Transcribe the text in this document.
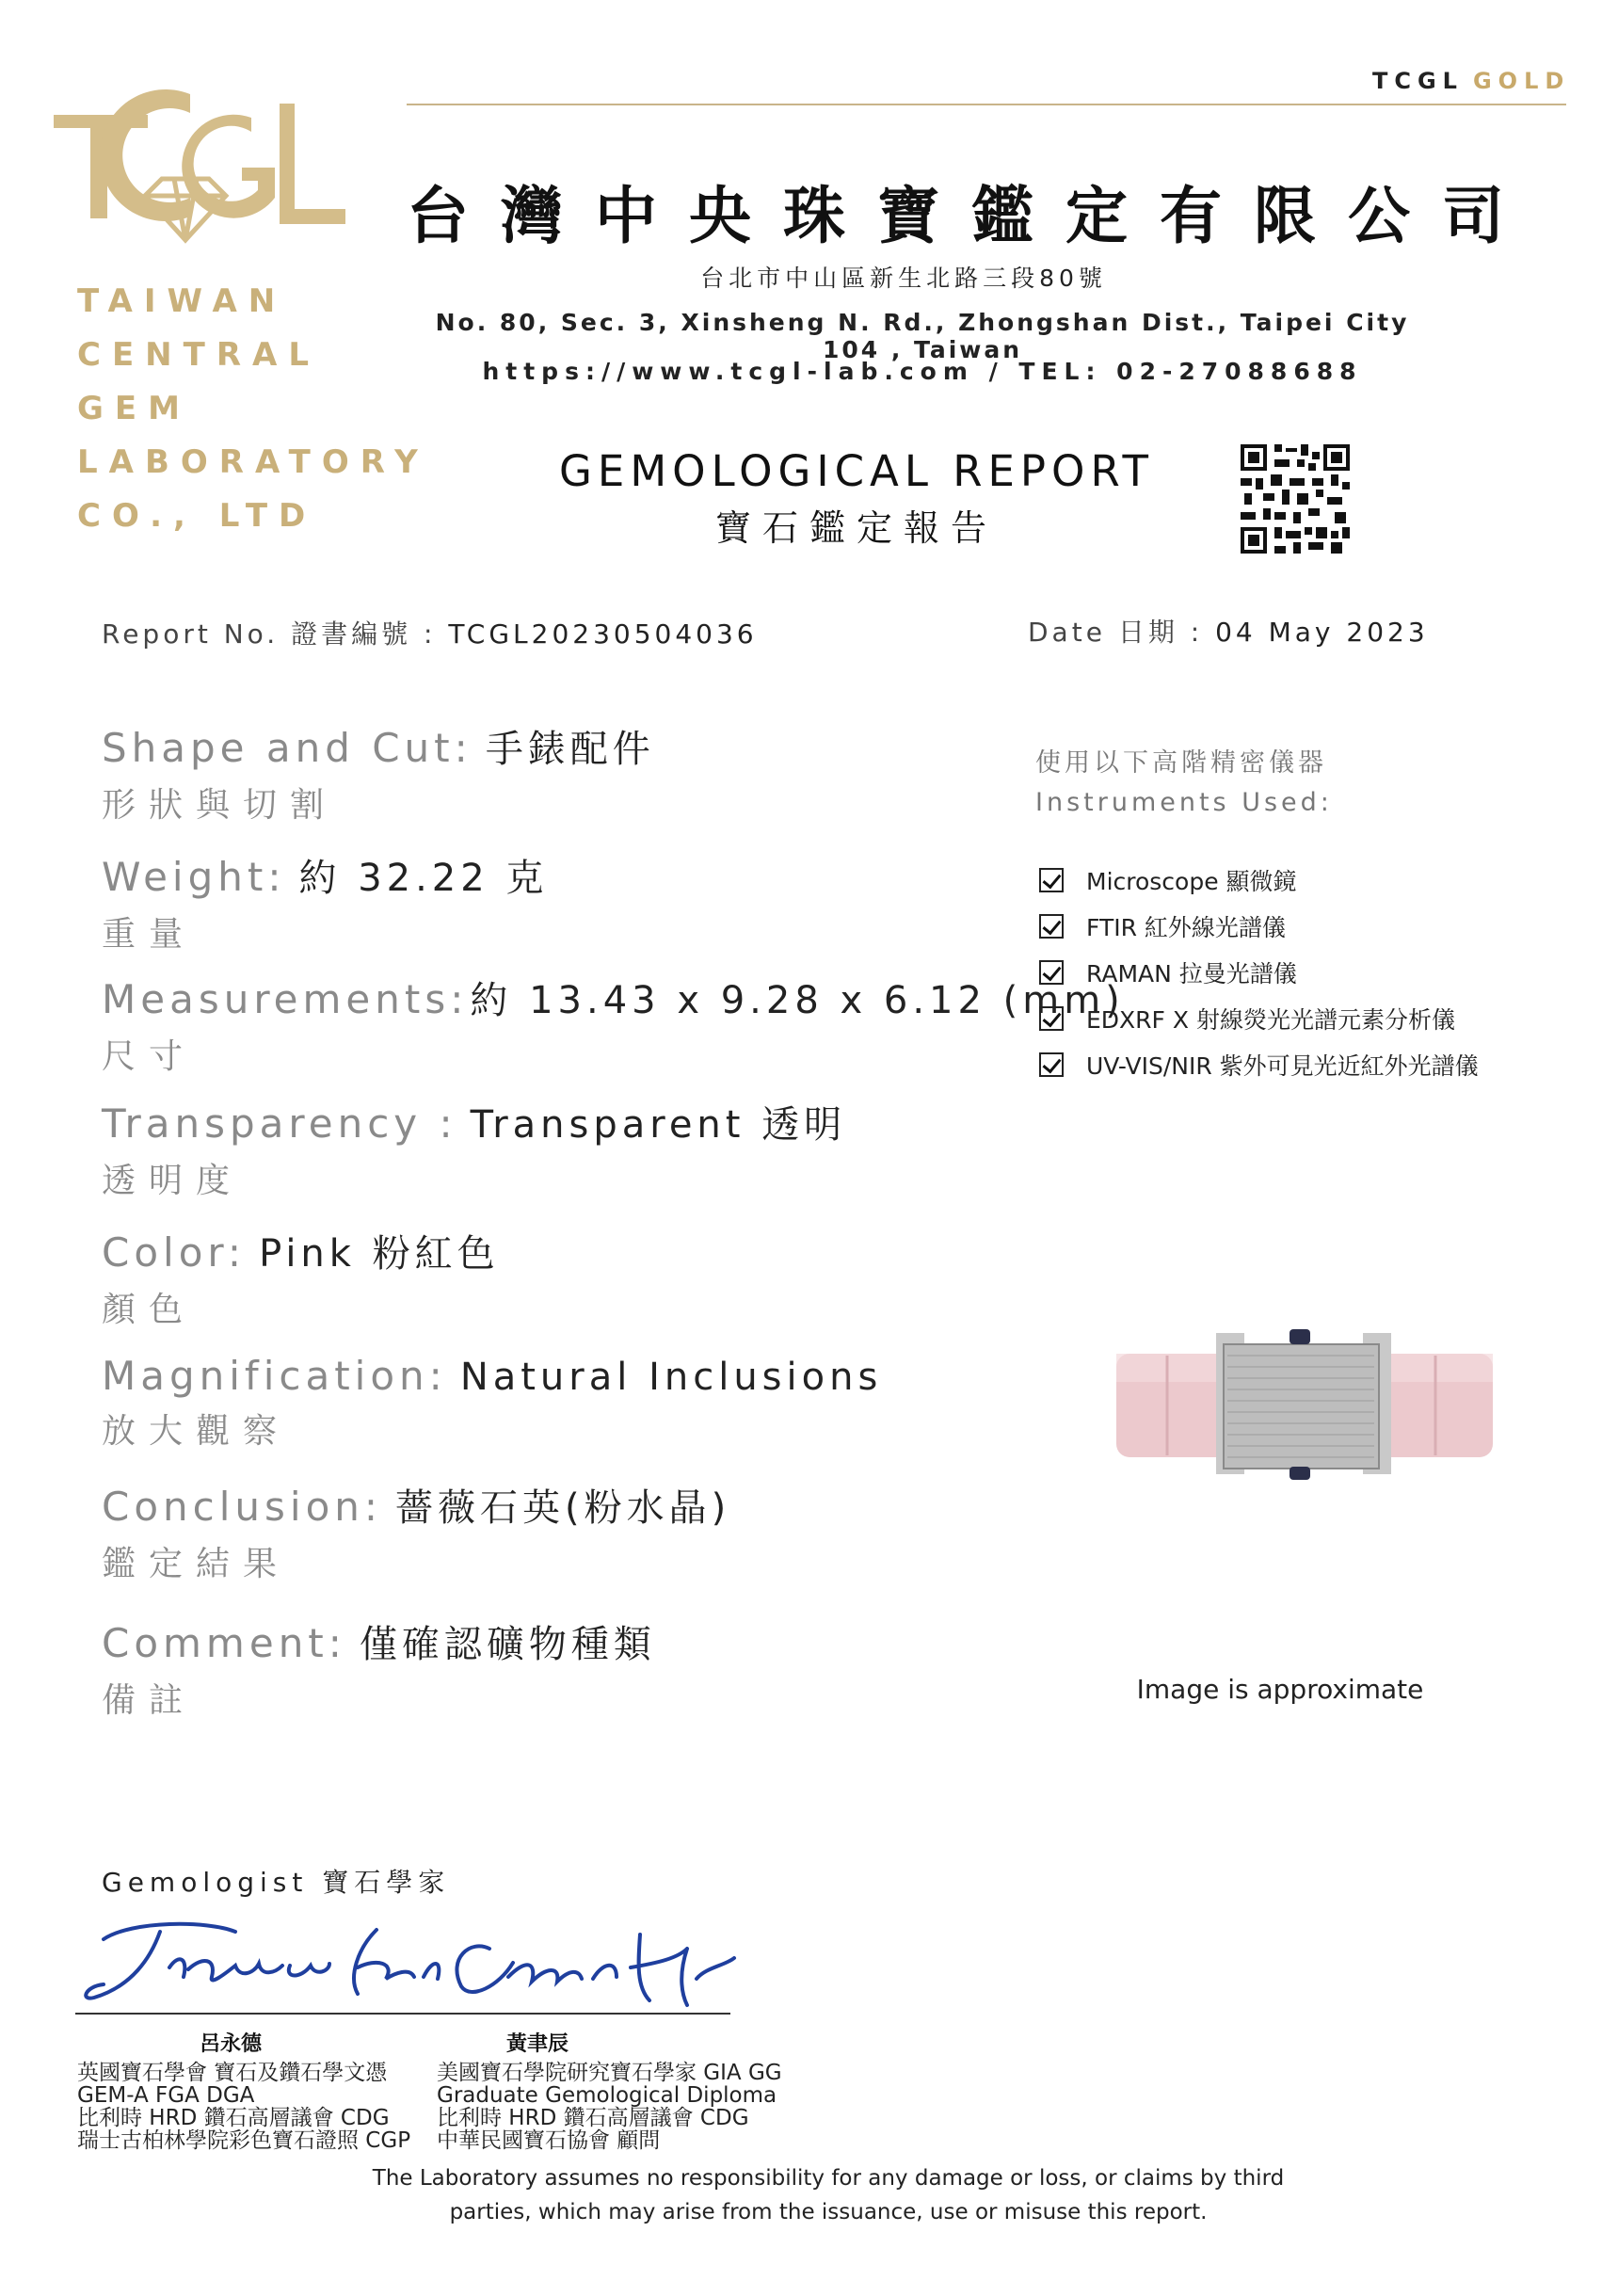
TCGL GOLD
TAIWAN
CENTRAL
GEM
LABORATORY
CO., LTD
台灣中央珠寶鑑定有限公司
台北市中山區新生北路三段80號
No. 80, Sec. 3, Xinsheng N. Rd., Zhongshan Dist., Taipei City 104 , Taiwan
https://www.tcgl-lab.com / TEL: 02-27088688
GEMOLOGICAL REPORT
寶石鑑定報告
Report No. 證書編號 : TCGL20230504036	Date 日期 : 04 May 2023
Shape and Cut: 手錶配件
形狀與切割
Weight: 約 32.22 克
重量
Measurements:約 13.43 x 9.28 x 6.12 (mm)
尺寸
Transparency : Transparent 透明
透明度
Color: Pink 粉紅色
顏色
Magnification: Natural Inclusions
放大觀察
Conclusion: 薔薇石英(粉水晶)
鑑定結果
Comment: 僅確認礦物種類
備註
使用以下高階精密儀器
Instruments Used:
Microscope 顯微鏡
FTIR 紅外線光譜儀
RAMAN 拉曼光譜儀
EDXRF X 射線熒光光譜元素分析儀
UV-VIS/NIR 紫外可見光近紅外光譜儀
Image is approximate
Gemologist 寶石學家
呂永德	黃聿辰
英國寶石學會 寶石及鑽石學文憑
GEM-A FGA DGA
比利時 HRD 鑽石高層議會 CDG
瑞士古柏林學院彩色寶石證照 CGP
美國寶石學院研究寶石學家 GIA GG
Graduate Gemological Diploma
比利時 HRD 鑽石高層議會 CDG
中華民國寶石協會 顧問
The Laboratory assumes no responsibility for any damage or loss, or claims by third
parties, which may arise from the issuance, use or misuse this report.
